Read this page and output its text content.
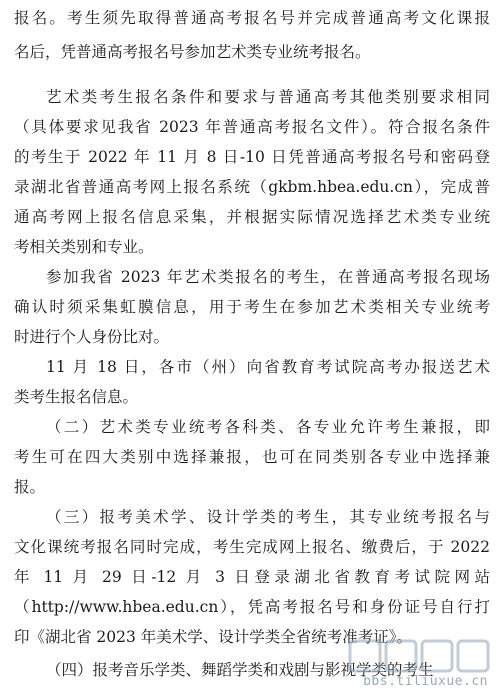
报名。考生须先取得普通高考报名号并完成普通高考文化课报
名后，凭普通高考报名号参加艺术类专业统考报名。
艺术类考生报名条件和要求与普通高考其他类别要求相同
（具体要求见我省 2023 年普通高考报名文件）。符合报名条件
的考生于 2022 年 11 月 8 日-10 日凭普通高考报名号和密码登
录湖北省普通高考网上报名系统（gkbm.hbea.edu.cn），完成普
通高考网上报名信息采集，并根据实际情况选择艺术类专业统
考相关类别和专业。
参加我省 2023 年艺术类报名的考生，在普通高考报名现场
确认时须采集虹膜信息，用于考生在参加艺术类相关专业统考
时进行个人身份比对。
11 月 18 日，各市（州）向省教育考试院高考办报送艺术
类考生报名信息。
（二）艺术类专业统考各科类、各专业允许考生兼报，即
考生可在四大类别中选择兼报，也可在同类别各专业中选择兼
报。
（三）报考美术学、设计学类的考生，其专业统考报名与
文化课统考报名同时完成，考生完成网上报名、缴费后，于 2022
年 11 月 29 日-12 月 3 日登录湖北省教育考试院网站
（http://www.hbea.edu.cn），凭高考报名号和身份证号自行打
印《湖北省 2023 年美术学、设计学类全省统考准考证》。
（四）报考音乐学类、舞蹈学类和戏剧与影视学类的考生
bbs.tiliuxue.cn
